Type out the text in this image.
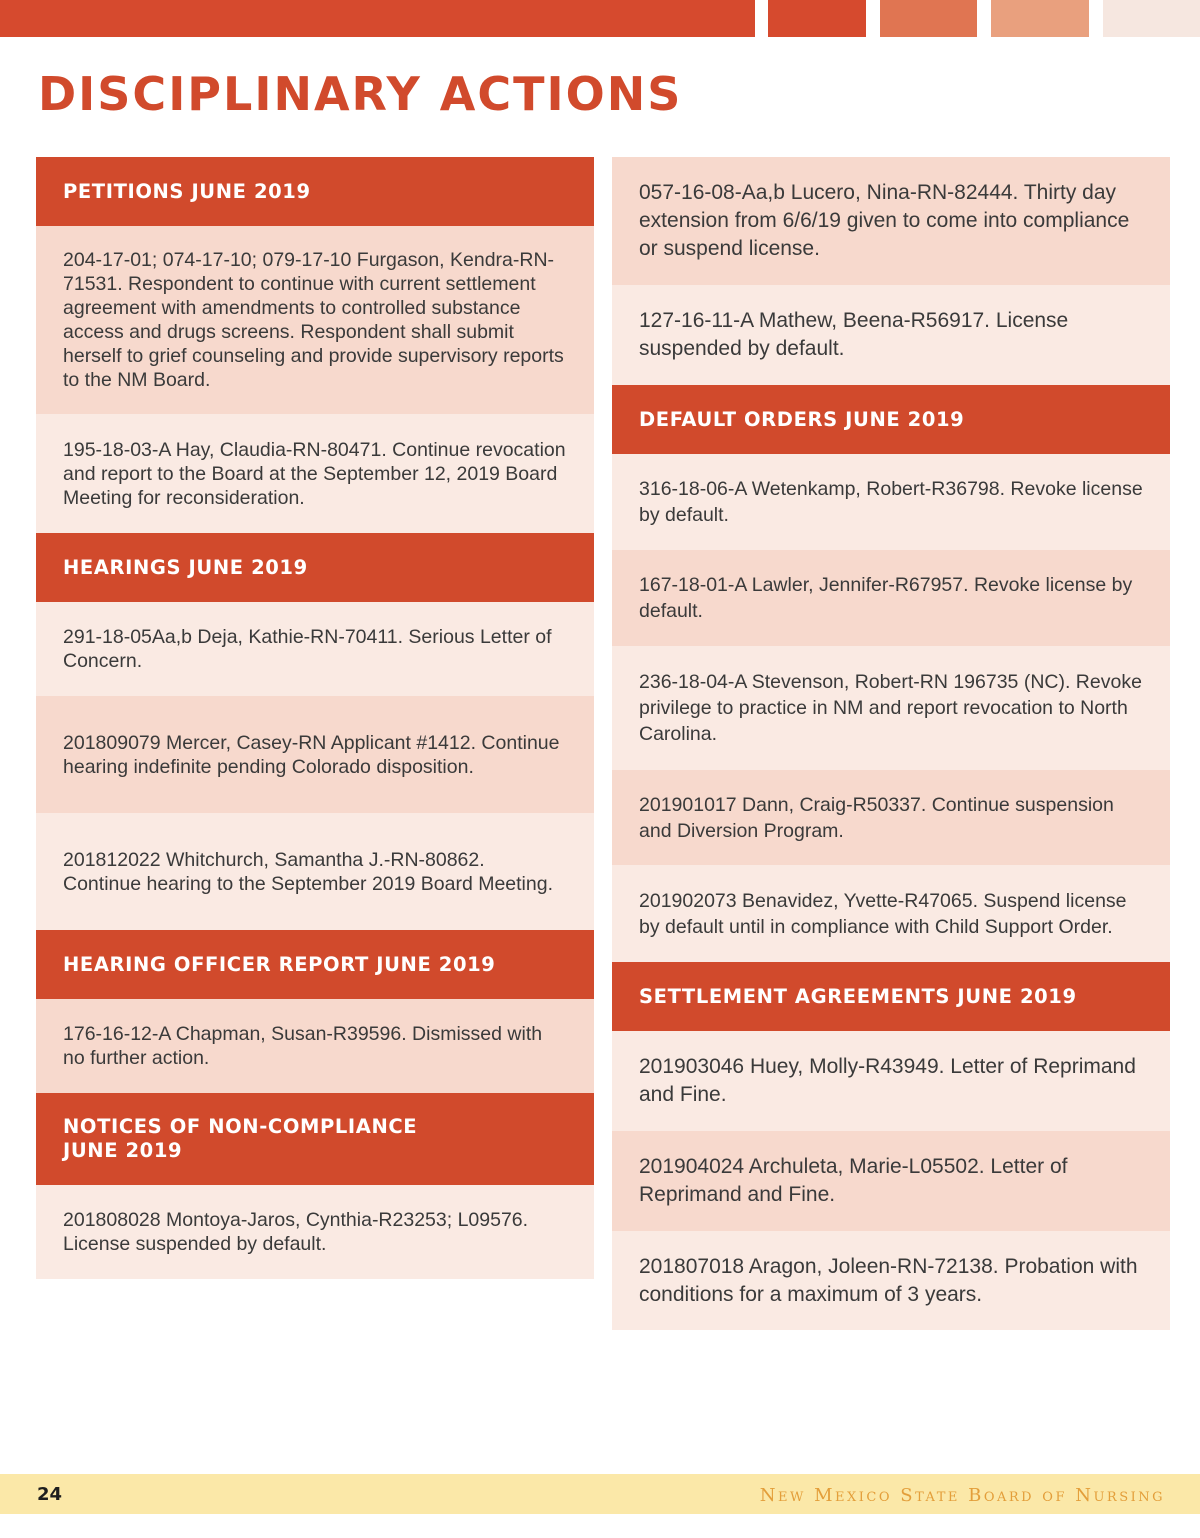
DISCIPLINARY ACTIONS
PETITIONS JUNE 2019
204-17-01; 074-17-10; 079-17-10 Furgason, Kendra-RN-71531. Respondent to continue with current settlement agreement with amendments to controlled substance access and drugs screens. Respondent shall submit herself to grief counseling and provide supervisory reports to the NM Board.
195-18-03-A Hay, Claudia-RN-80471. Continue revocation and report to the Board at the September 12, 2019 Board Meeting for reconsideration.
HEARINGS JUNE 2019
291-18-05Aa,b Deja, Kathie-RN-70411. Serious Letter of Concern.
201809079 Mercer, Casey-RN Applicant #1412. Continue hearing indefinite pending Colorado disposition.
201812022 Whitchurch, Samantha J.-RN-80862. Continue hearing to the September 2019 Board Meeting.
HEARING OFFICER REPORT JUNE 2019
176-16-12-A Chapman, Susan-R39596. Dismissed with no further action.
NOTICES OF NON-COMPLIANCE JUNE 2019
201808028 Montoya-Jaros, Cynthia-R23253; L09576. License suspended by default.
057-16-08-Aa,b Lucero, Nina-RN-82444. Thirty day extension from 6/6/19 given to come into compliance or suspend license.
127-16-11-A Mathew, Beena-R56917. License suspended by default.
DEFAULT ORDERS JUNE 2019
316-18-06-A Wetenkamp, Robert-R36798. Revoke license by default.
167-18-01-A Lawler, Jennifer-R67957. Revoke license by default.
236-18-04-A Stevenson, Robert-RN 196735 (NC). Revoke privilege to practice in NM and report revocation to North Carolina.
201901017 Dann, Craig-R50337. Continue suspension and Diversion Program.
201902073 Benavidez, Yvette-R47065. Suspend license by default until in compliance with Child Support Order.
SETTLEMENT AGREEMENTS JUNE 2019
201903046 Huey, Molly-R43949. Letter of Reprimand and Fine.
201904024 Archuleta, Marie-L05502. Letter of Reprimand and Fine.
201807018 Aragon, Joleen-RN-72138. Probation with conditions for a maximum of 3 years.
24	New Mexico State Board of Nursing
